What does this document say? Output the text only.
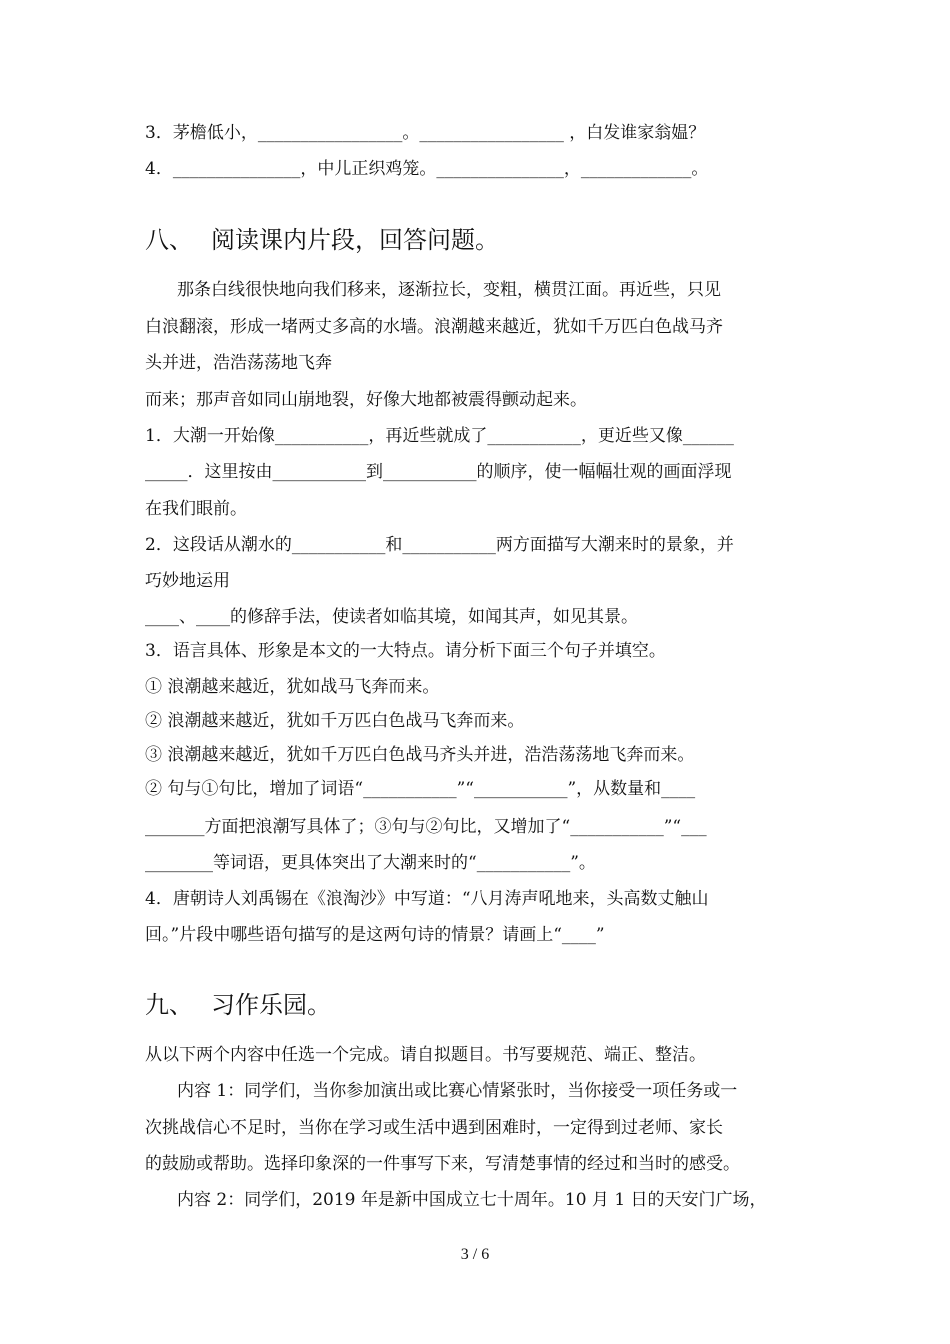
3．茅檐低小，_________________。_________________ ，白发谁家翁媪？
4．_______________，中儿正织鸡笼。_______________，_____________。
八、 阅读课内片段，回答问题。
那条白线很快地向我们移来，逐渐拉长，变粗，横贯江面。再近些，只见
白浪翻滚，形成一堵两丈多高的水墙。浪潮越来越近，犹如千万匹白色战马齐
头并进，浩浩荡荡地飞奔
而来；那声音如同山崩地裂，好像大地都被震得颤动起来。
1．大潮一开始像___________，再近些就成了___________，更近些又像______
_____．这里按由___________到___________的顺序，使一幅幅壮观的画面浮现
在我们眼前。
2．这段话从潮水的___________和___________两方面描写大潮来时的景象，并
巧妙地运用
____、____的修辞手法，使读者如临其境，如闻其声，如见其景。
3．语言具体、形象是本文的一大特点。请分析下面三个句子并填空。
① 浪潮越来越近，犹如战马飞奔而来。
② 浪潮越来越近，犹如千万匹白色战马飞奔而来。
③ 浪潮越来越近，犹如千万匹白色战马齐头并进，浩浩荡荡地飞奔而来。
② 句与①句比，增加了词语“___________”“___________”，从数量和____
_______方面把浪潮写具体了；③句与②句比，又增加了“___________”“___
________等词语，更具体突出了大潮来时的“___________”。
4．唐朝诗人刘禹锡在《浪淘沙》中写道：“八月涛声吼地来，头高数丈触山
回。”片段中哪些语句描写的是这两句诗的情景？请画上“____”
九、 习作乐园。
从以下两个内容中任选一个完成。请自拟题目。书写要规范、端正、整洁。
内容 1：同学们，当你参加演出或比赛心情紧张时，当你接受一项任务或一
次挑战信心不足时，当你在学习或生活中遇到困难时，一定得到过老师、家长
的鼓励或帮助。选择印象深的一件事写下来，写清楚事情的经过和当时的感受。
内容 2：同学们，2019 年是新中国成立七十周年。10 月 1 日的天安门广场，
3 / 6
